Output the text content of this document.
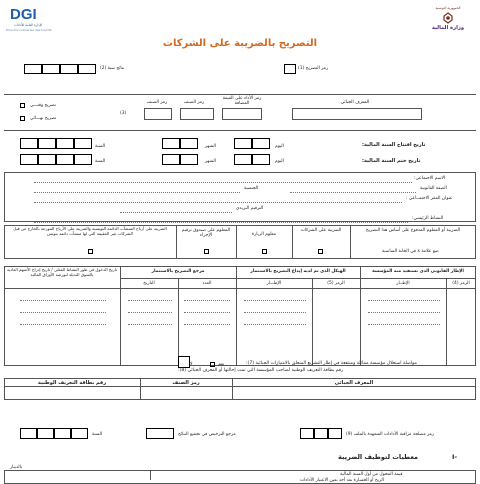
DGI
الإدارة العامة للأداءات
Direction Générale des Impôts
الجمهورية التونسية
وزارة المالية
التصريح بالضريبة على الشركات
رمز التصريح (1)
نتائج سنة (2)
المعرف الجبائي
رمز الأداء على القيمة المضافة
رمز الصنف
رمز الصنف
(3)
تصريح وقتـــي
تصريح نهـــائي
تاريخ افتتاح السنة المالية:
تاريخ ختم السنة المالية:
اليوم
الشهر
السنة
اليوم
الشهر
السنة
الاسم الاجتماعي:
الصفة القانونية
الجنسية
عنوان المقر الاجتمــاعي :
الترقيم البريدي
النشاط الرئيسي:
الضريبة أو المعلوم المدفوع على أساس هذا التصريح
الضريبة على الشركات
معلوم الزيارة
المعلوم على صندوق ترقيم الإجراء
الضريبة على أرباح المنشآت الدائمة التونسية والضريبة على الأرباح الموزعة بالخارج من قبل الشركات غير المقيمة التي لها منشآت دائمة بتونس
ضع علامة x في الخانة المناسبة
الإطار القانوني الذي تستفيد منه المؤسسة
الرمز (4)
الإطــار
الهيكل الذي تم لديه إيداع التصريح بالاستثمار
الرمز (5)
الإطـــار
مرجع التصريح بالاستثمار
العدد
التاريخ
تاريخ الدخول في طور النشاط الفعلي / تاريخ إدراج الأسهم العادية بالسوق البديلة لبورصة الأوراق المالية
مواصلة استغلال مؤسسة مماثلة ومنتفعة في إطار التشريع المتعلق بالامتيازات الجبائية (7):
نعم
لا
رقم بطاقة التعريف الوطنية لصاحب المؤسسة التي تمت إحالتها أو المعرف الجبائي (8):
المعرف الجبائي
رمز الصنف
رقم بطاقة التعريف الوطنية
رمز مصلحة مراقبة الأداءات المتعهدة بالملف (9)
مرجع الترخيص في تجميع النتائج
السنة
I-
معطيات لتوظيف الضريبة
بالدينار
قيمة المحول من أول السنة المالية
الربح أو الخسارة بعد أخذ بعين الاعتبار الأداءات
